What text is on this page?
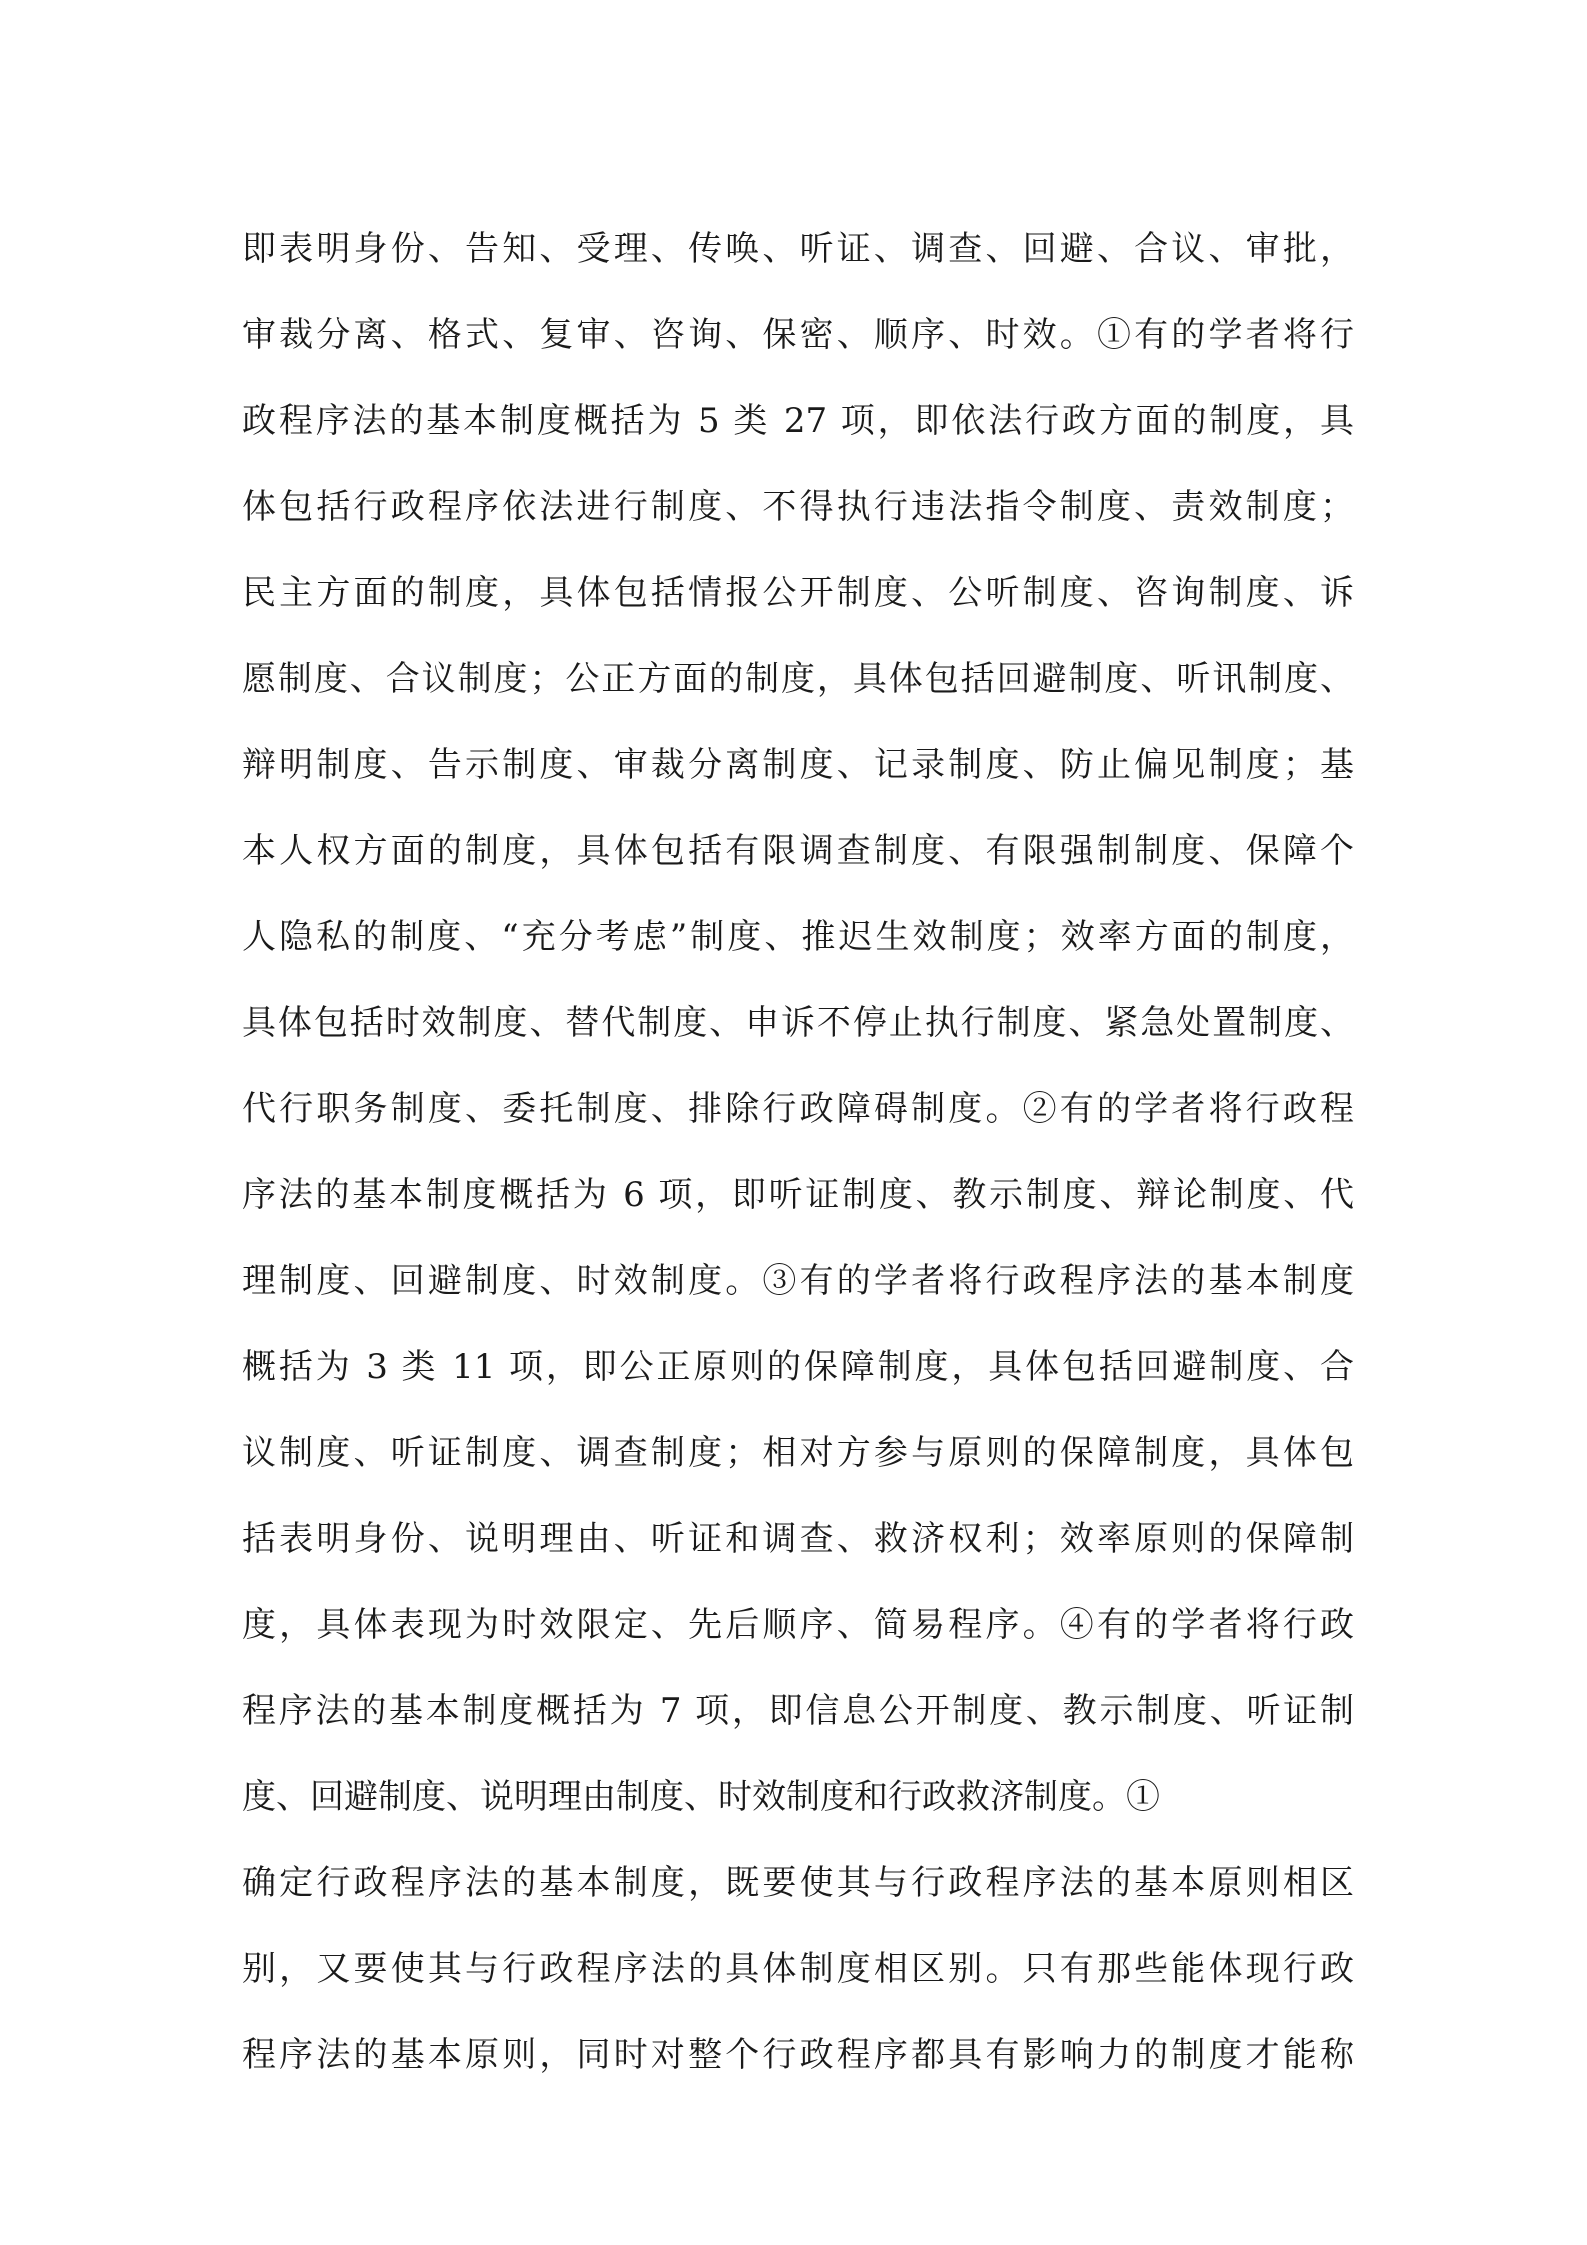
即表明身份、告知、受理、传唤、听证、调查、回避、合议、审批，
审裁分离、格式、复审、咨询、保密、顺序、时效。①有的学者将行
政程序法的基本制度概括为 5 类 27 项，即依法行政方面的制度，具
体包括行政程序依法进行制度、不得执行违法指令制度、责效制度；
民主方面的制度，具体包括情报公开制度、公听制度、咨询制度、诉
愿制度、合议制度；公正方面的制度，具体包括回避制度、听讯制度、
辩明制度、告示制度、审裁分离制度、记录制度、防止偏见制度；基
本人权方面的制度，具体包括有限调查制度、有限强制制度、保障个
人隐私的制度、“充分考虑”制度、推迟生效制度；效率方面的制度，
具体包括时效制度、替代制度、申诉不停止执行制度、紧急处置制度、
代行职务制度、委托制度、排除行政障碍制度。②有的学者将行政程
序法的基本制度概括为 6 项，即听证制度、教示制度、辩论制度、代
理制度、回避制度、时效制度。③有的学者将行政程序法的基本制度
概括为 3 类 11 项，即公正原则的保障制度，具体包括回避制度、合
议制度、听证制度、调查制度；相对方参与原则的保障制度，具体包
括表明身份、说明理由、听证和调查、救济权利；效率原则的保障制
度，具体表现为时效限定、先后顺序、简易程序。④有的学者将行政
程序法的基本制度概括为 7 项，即信息公开制度、教示制度、听证制
度、回避制度、说明理由制度、时效制度和行政救济制度。①
确定行政程序法的基本制度，既要使其与行政程序法的基本原则相区
别，又要使其与行政程序法的具体制度相区别。只有那些能体现行政
程序法的基本原则，同时对整个行政程序都具有影响力的制度才能称
